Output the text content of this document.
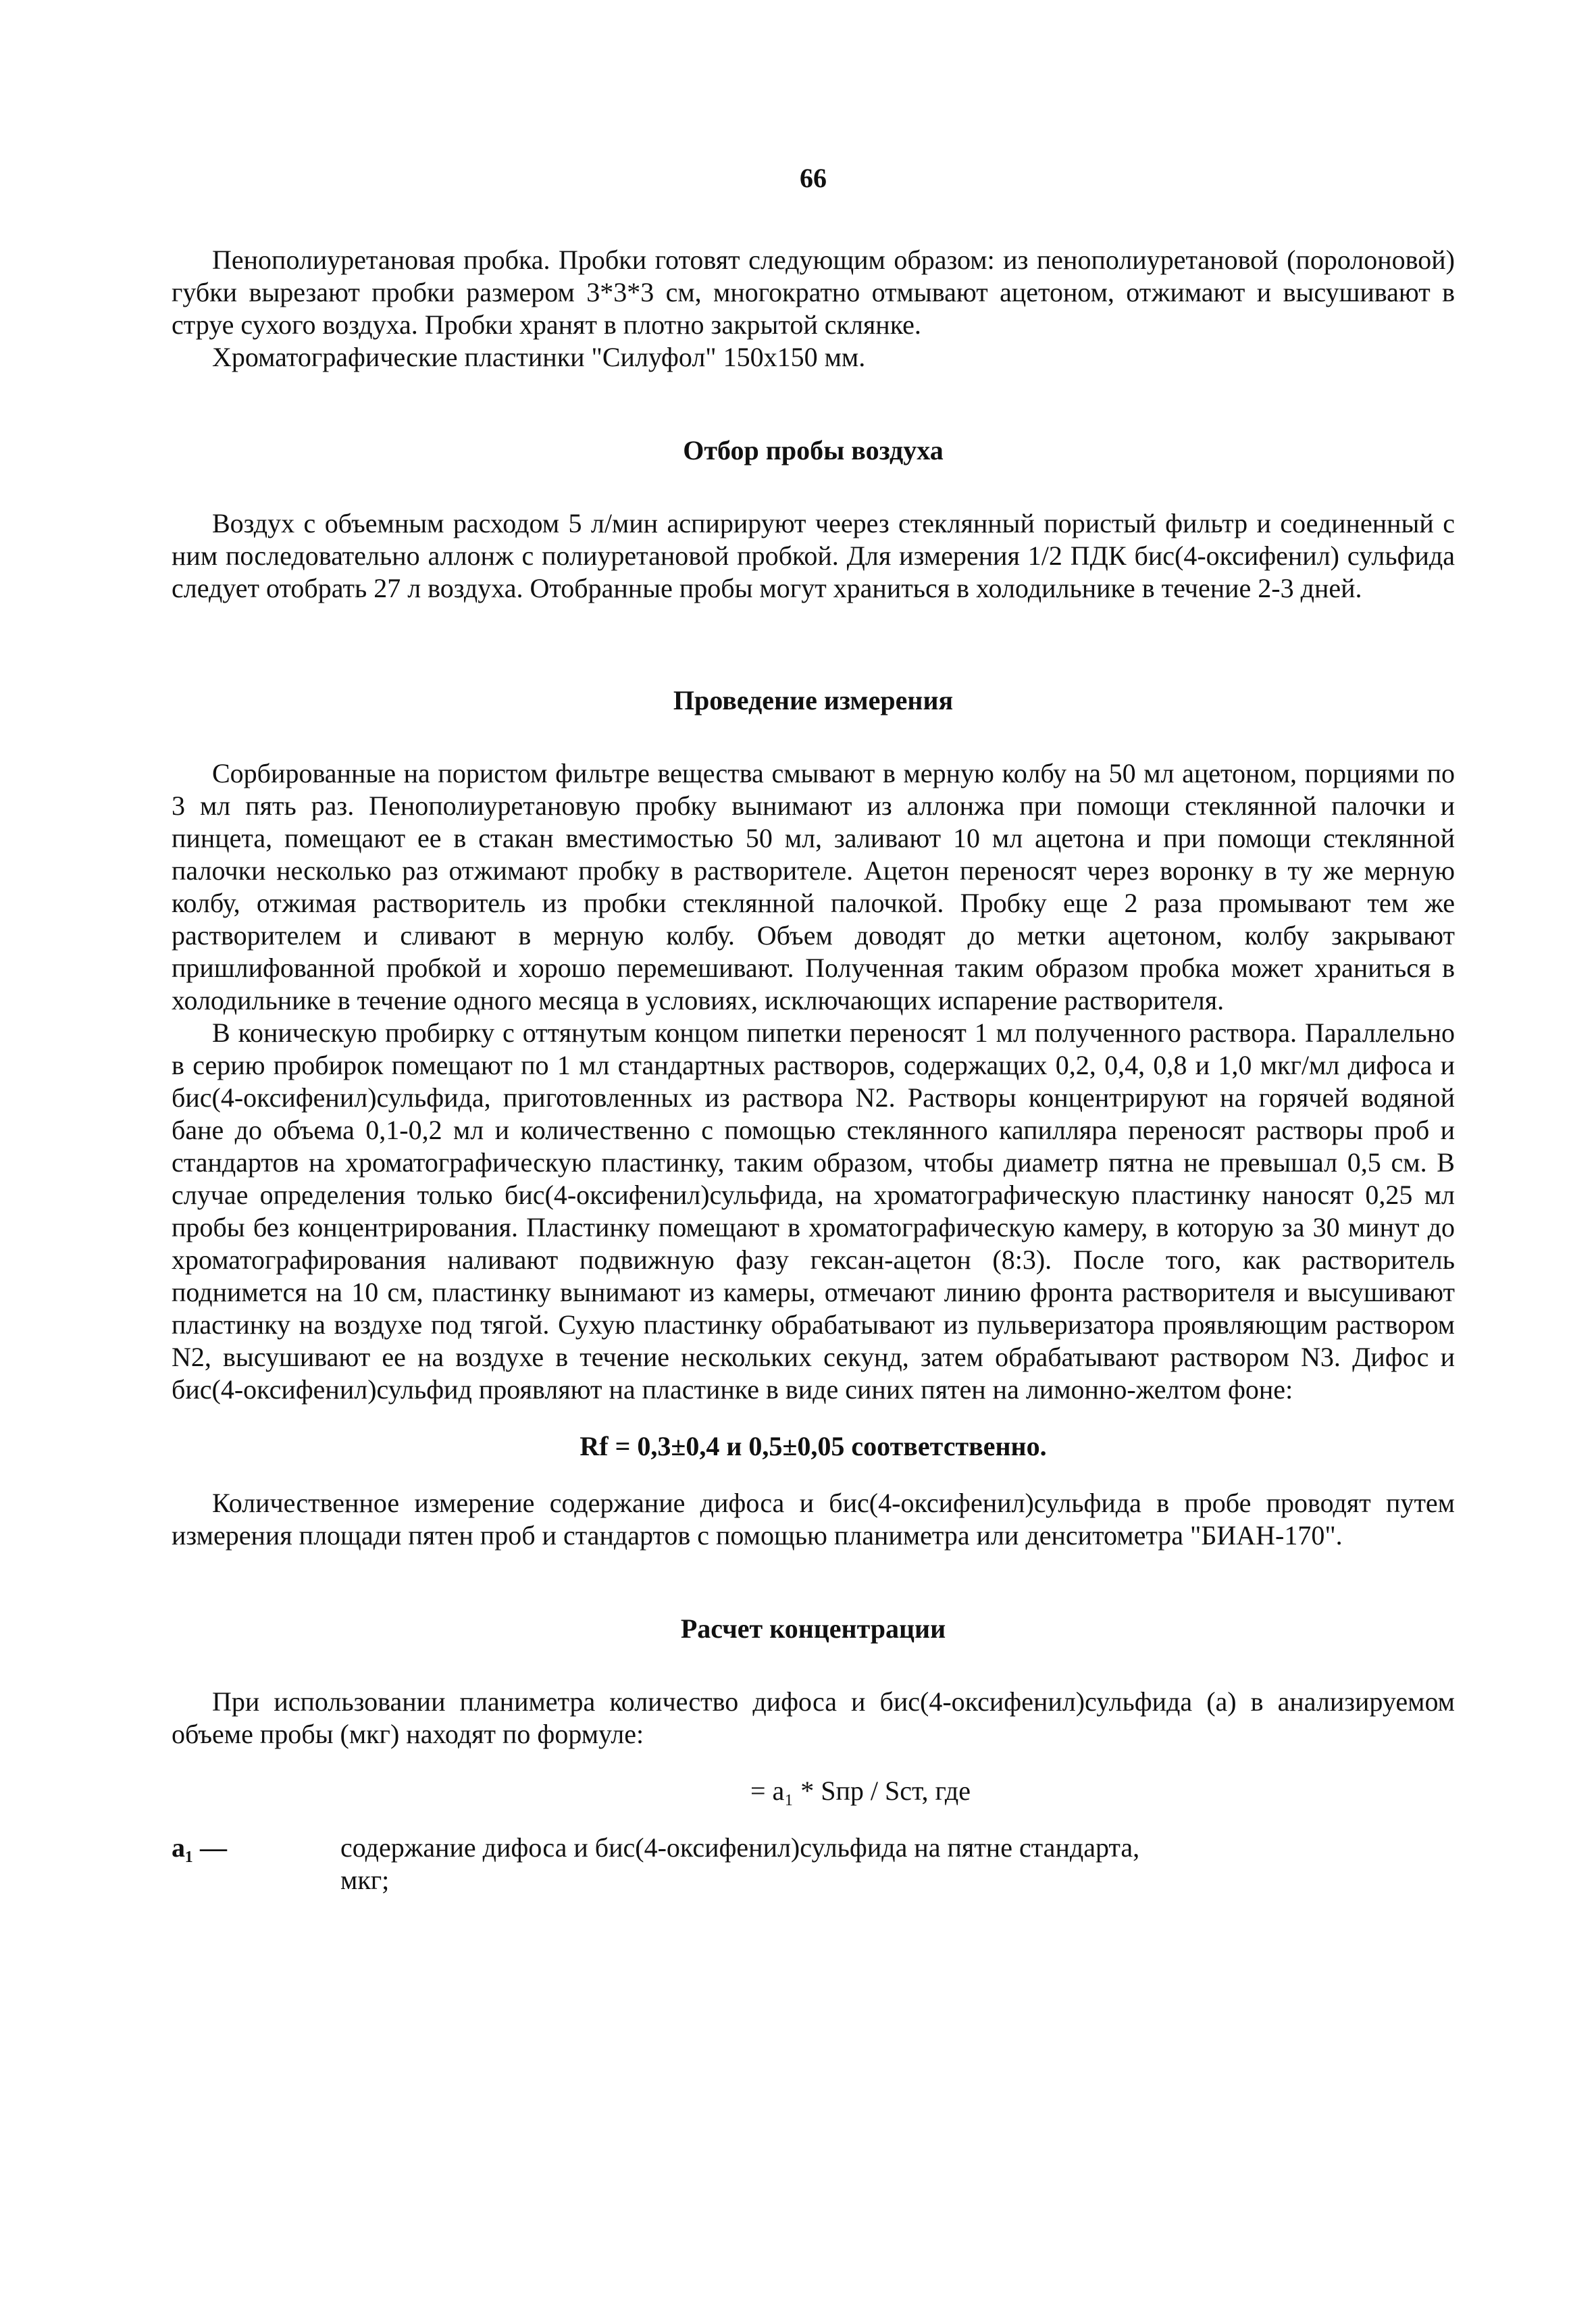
66

Пенополиуретановая пробка. Пробки готовят следующим образом: из пенополиуретановой (поролоновой) губки вырезают пробки размером 3*3*3 см, многократно отмывают ацетоном, отжимают и высушивают в струе сухого воздуха. Пробки хранят в плотно закрытой склянке.

Хроматографические пластинки "Силуфол" 150х150 мм.

Отбор пробы воздуха

Воздух с объемным расходом 5 л/мин аспирируют чеерез стеклянный пористый фильтр и соединенный с ним последовательно аллонж с полиуретановой пробкой. Для измерения 1/2 ПДК бис(4-оксифенил) сульфида следует отобрать 27 л воздуха. Отобранные пробы могут храниться в холодильнике в течение 2-3 дней.

Проведение измерения

Сорбированные на пористом фильтре вещества смывают в мерную колбу на 50 мл ацетоном, порциями по 3 мл пять раз. Пенополиуретановую пробку вынимают из аллонжа при помощи стеклянной палочки и пинцета, помещают ее в стакан вместимостью 50 мл, заливают 10 мл ацетона и при помощи стеклянной палочки несколько раз отжимают пробку в растворителе. Ацетон переносят через воронку в ту же мерную колбу, отжимая растворитель из пробки стеклянной палочкой. Пробку еще 2 раза промывают тем же растворителем и сливают в мерную колбу. Объем доводят до метки ацетоном, колбу закрывают пришлифованной пробкой и хорошо перемешивают. Полученная таким образом пробка может храниться в холодильнике в течение одного месяца в условиях, исключающих испарение растворителя.

В коническую пробирку с оттянутым концом пипетки переносят 1 мл полученного раствора. Параллельно в серию пробирок помещают по 1 мл стандартных растворов, содержащих 0,2, 0,4, 0,8 и 1,0 мкг/мл дифоса и бис(4-оксифенил)сульфида, приготовленных из раствора N2. Растворы концентрируют на горячей водяной бане до объема 0,1-0,2 мл и количественно с помощью стеклянного капилляра переносят растворы проб и стандартов на хроматографическую пластинку, таким образом, чтобы диаметр пятна не превышал 0,5 см. В случае определения только бис(4-оксифенил)сульфида, на хроматографическую пластинку наносят 0,25 мл пробы без концентрирования. Пластинку помещают в хроматографическую камеру, в которую за 30 минут до хроматографирования наливают подвижную фазу гексан-ацетон (8:3). После того, как растворитель поднимется на 10 см, пластинку вынимают из камеры, отмечают линию фронта растворителя и высушивают пластинку на воздухе под тягой. Сухую пластинку обрабатывают из пульверизатора проявляющим раствором N2, высушивают ее на воздухе в течение нескольких секунд, затем обрабатывают раствором N3. Дифос и бис(4-оксифенил)сульфид проявляют на пластинке в виде синих пятен на лимонно-желтом фоне:

Rf = 0,3±0,4 и 0,5±0,05 соответственно.

Количественное измерение содержание дифоса и бис(4-оксифенил)сульфида в пробе проводят путем измерения площади пятен проб и стандартов с помощью планиметра или денситометра "БИАН-170".

Расчет концентрации

При использовании планиметра количество дифоса и бис(4-оксифенил)сульфида (а) в анализируемом объеме пробы (мкг) находят по формуле:

= a₁ * Sпр / Sст, где
a₁ —	содержание дифоса и бис(4-оксифенил)сульфида на пятне стандарта, мкг;
